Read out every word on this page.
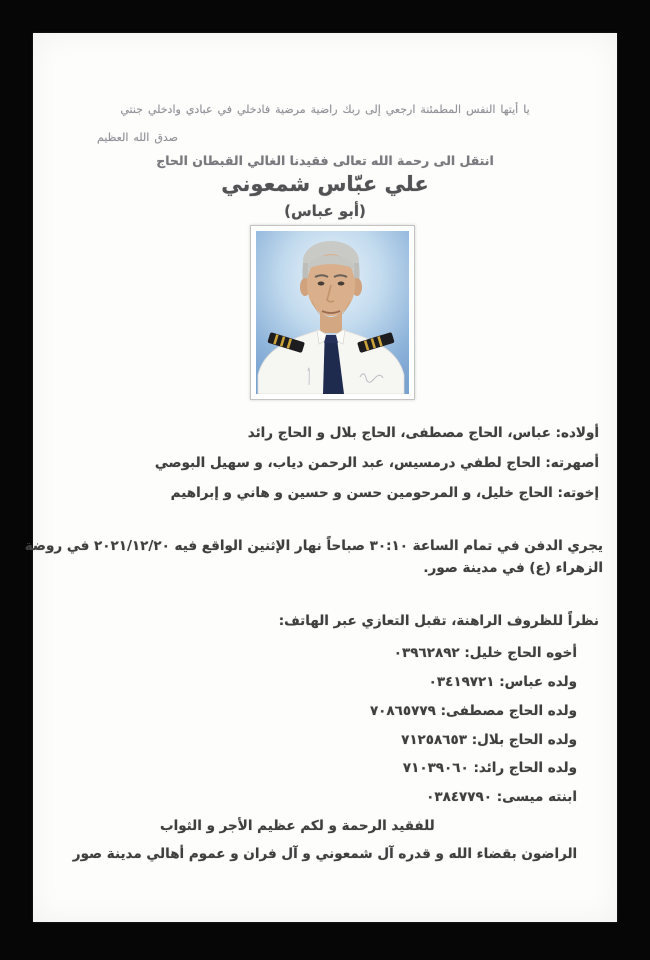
يا أيتها النفس المطمئنة ارجعي إلى ربك راضية مرضية فادخلي في عبادي وادخلي جنتي
صدق الله العظيم
انتقل الى رحمة الله تعالى فقيدنا الغالي القبطان الحاج
علي عبّاس شمعوني
(أبو عباس)
أولاده: عباس، الحاج مصطفى، الحاج بلال و الحاج رائد
أصهرته: الحاج لطفي درمسيس، عبد الرحمن دياب، و سهيل البوصي
إخوته: الحاج خليل، و المرحومين حسن و حسين و هاني و إبراهيم
يجري الدفن في تمام الساعة ٣٠:١٠ صباحاً نهار الإثنين الواقع فيه ٢٠٢١/١٢/٢٠ في روضة
الزهراء (ع) في مدينة صور.
نظراً للظروف الراهنة، تقبل التعازي عبر الهاتف:
أخوه الحاج خليل: ٠٣٩٦٢٨٩٢
ولده عباس: ٠٣٤١٩٧٢١
ولده الحاج مصطفى: ٧٠٨٦٥٧٧٩
ولده الحاج بلال: ٧١٢٥٨٦٥٣
ولده الحاج رائد: ٧١٠٣٩٠٦٠
ابنته ميسى: ٠٣٨٤٧٧٩٠
للفقيد الرحمة و لكم عظيم الأجر و الثواب
الراضون بقضاء الله و قدره آل شمعوني و آل فران و عموم أهالي مدينة صور
